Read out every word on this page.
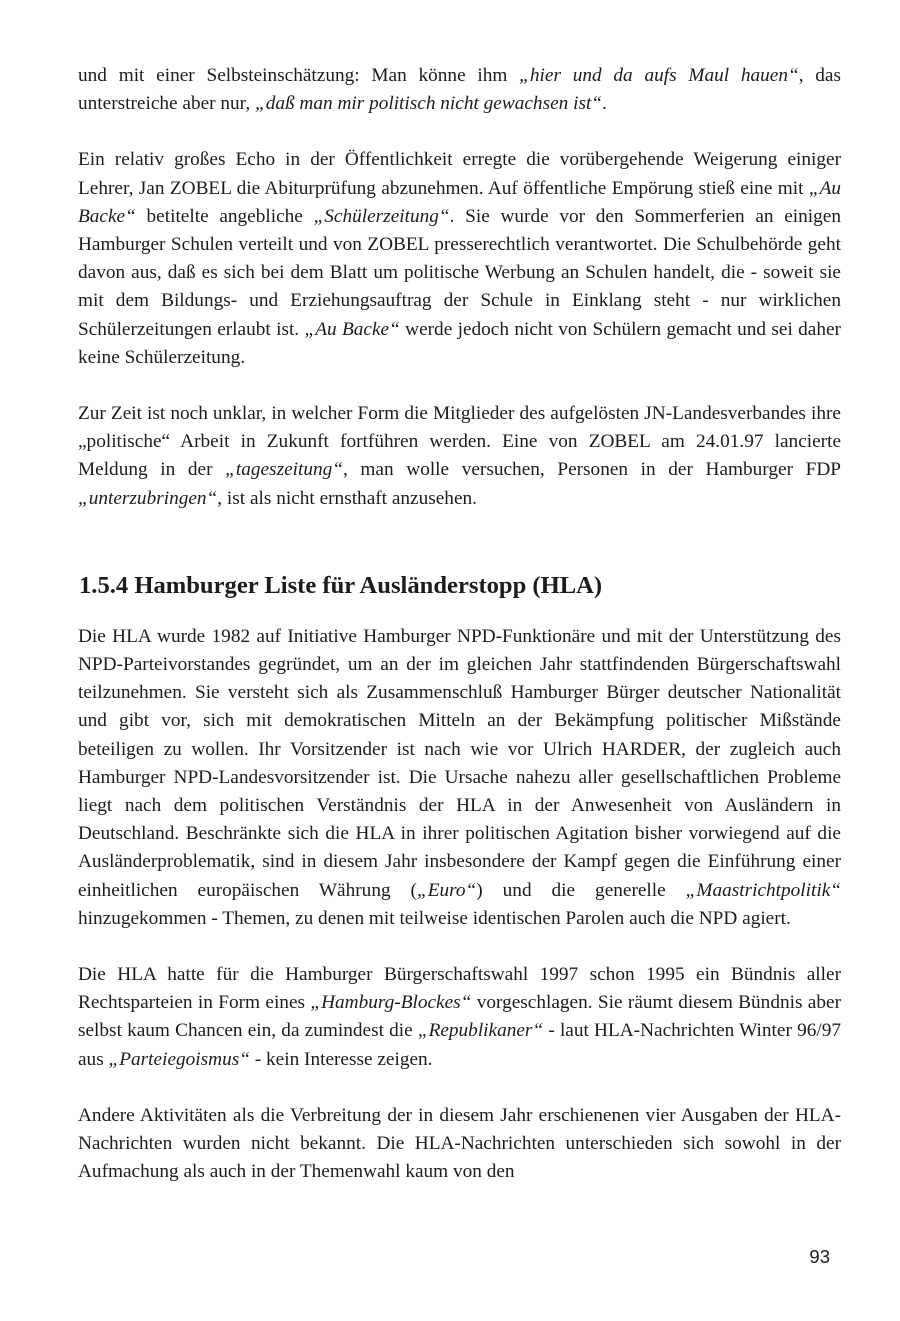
und mit einer Selbsteinschätzung: Man könne ihm „hier und da aufs Maul hauen“, das unterstreiche aber nur, „daß man mir politisch nicht gewachsen ist“.

Ein relativ großes Echo in der Öffentlichkeit erregte die vorübergehende Weigerung einiger Lehrer, Jan ZOBEL die Abiturprüfung abzunehmen. Auf öffentliche Empörung stieß eine mit „Au Backe“ betitelte angebliche „Schülerzeitung“. Sie wurde vor den Sommerferien an einigen Hamburger Schulen verteilt und von ZOBEL presserechtlich verantwortet. Die Schulbehörde geht davon aus, daß es sich bei dem Blatt um politische Werbung an Schulen handelt, die - soweit sie mit dem Bildungs- und Erziehungsauftrag der Schule in Einklang steht - nur wirklichen Schülerzeitungen erlaubt ist. „Au Backe“ werde jedoch nicht von Schülern gemacht und sei daher keine Schülerzeitung.

Zur Zeit ist noch unklar, in welcher Form die Mitglieder des aufgelösten JN-Landesverbandes ihre „politische“ Arbeit in Zukunft fortführen werden. Eine von ZOBEL am 24.01.97 lancierte Meldung in der „tageszeitung“, man wolle versuchen, Personen in der Hamburger FDP „unterzubringen“, ist als nicht ernsthaft anzusehen.

1.5.4 Hamburger Liste für Ausländerstopp (HLA)

Die HLA wurde 1982 auf Initiative Hamburger NPD-Funktionäre und mit der Unterstützung des NPD-Parteivorstandes gegründet, um an der im gleichen Jahr stattfindenden Bürgerschaftswahl teilzunehmen. Sie versteht sich als Zusammenschluß Hamburger Bürger deutscher Nationalität und gibt vor, sich mit demokratischen Mitteln an der Bekämpfung politischer Mißstände beteiligen zu wollen. Ihr Vorsitzender ist nach wie vor Ulrich HARDER, der zugleich auch Hamburger NPD-Landesvorsitzender ist. Die Ursache nahezu aller gesellschaftlichen Probleme liegt nach dem politischen Verständnis der HLA in der Anwesenheit von Ausländern in Deutschland. Beschränkte sich die HLA in ihrer politischen Agitation bisher vorwiegend auf die Ausländerproblematik, sind in diesem Jahr insbesondere der Kampf gegen die Einführung einer einheitlichen europäischen Währung („Euro“) und die generelle „Maastrichtpolitik“ hinzugekommen - Themen, zu denen mit teilweise identischen Parolen auch die NPD agiert.

Die HLA hatte für die Hamburger Bürgerschaftswahl 1997 schon 1995 ein Bündnis aller Rechtsparteien in Form eines „Hamburg-Blockes“ vorgeschlagen. Sie räumt diesem Bündnis aber selbst kaum Chancen ein, da zumindest die „Republikaner“ - laut HLA-Nachrichten Winter 96/97 aus „Parteiegoismus“ - kein Interesse zeigen.

Andere Aktivitäten als die Verbreitung der in diesem Jahr erschienenen vier Ausgaben der HLA-Nachrichten wurden nicht bekannt. Die HLA-Nachrichten unterschieden sich sowohl in der Aufmachung als auch in der Themenwahl kaum von den

93
